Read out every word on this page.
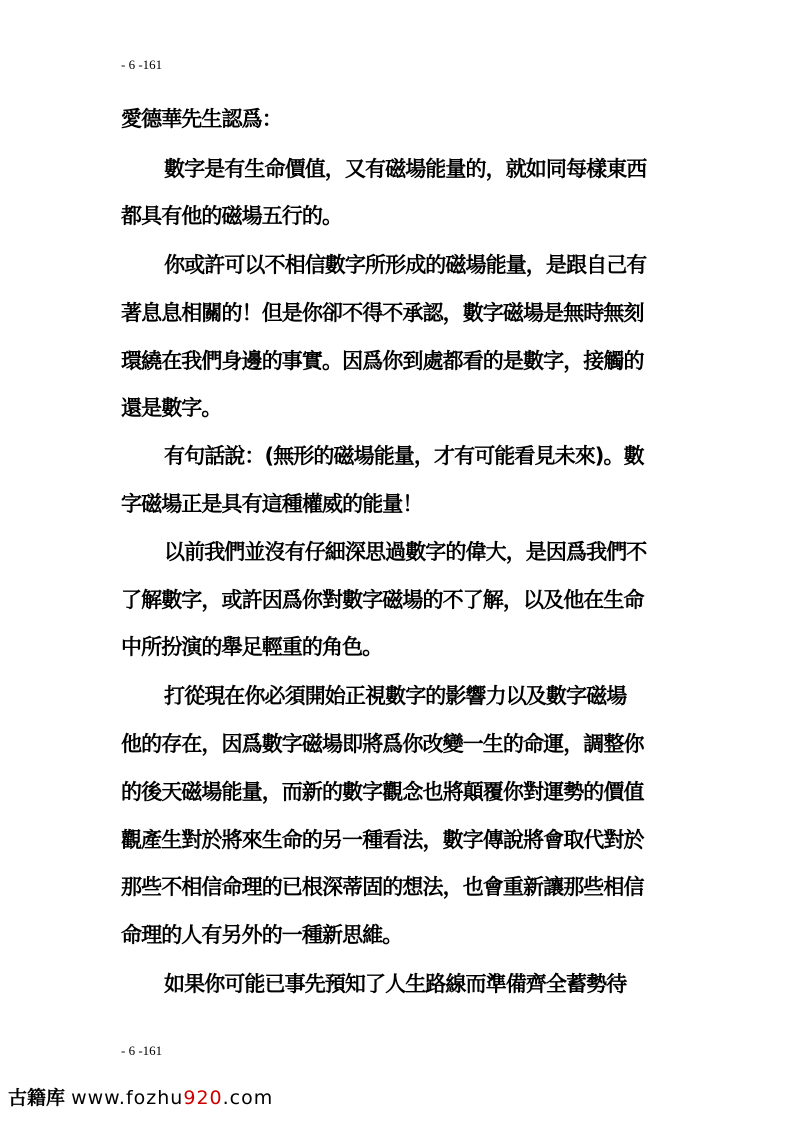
- 6 -161
愛德華先生認爲：
數字是有生命價值，又有磁場能量的，就如同每樣東西
都具有他的磁場五行的。
你或許可以不相信數字所形成的磁場能量，是跟自己有
著息息相關的！但是你卻不得不承認，數字磁場是無時無刻
環繞在我們身邊的事實。因爲你到處都看的是數字，接觸的
還是數字。
有句話說：(無形的磁場能量，才有可能看見未來)。數
字磁場正是具有這種權威的能量！
以前我們並沒有仔細深思過數字的偉大，是因爲我們不
了解數字，或許因爲你對數字磁場的不了解，以及他在生命
中所扮演的舉足輕重的角色。
打從現在你必須開始正視數字的影響力以及數字磁場
他的存在，因爲數字磁場即將爲你改變一生的命運，調整你
的後天磁場能量，而新的數字觀念也將顛覆你對運勢的價值
觀產生對於將來生命的另一種看法，數字傳說將會取代對於
那些不相信命理的已根深蒂固的想法，也會重新讓那些相信
命理的人有另外的一種新思維。
如果你可能已事先預知了人生路線而準備齊全蓄勢待
- 6 -161
古籍库 www.fozhu920.com
